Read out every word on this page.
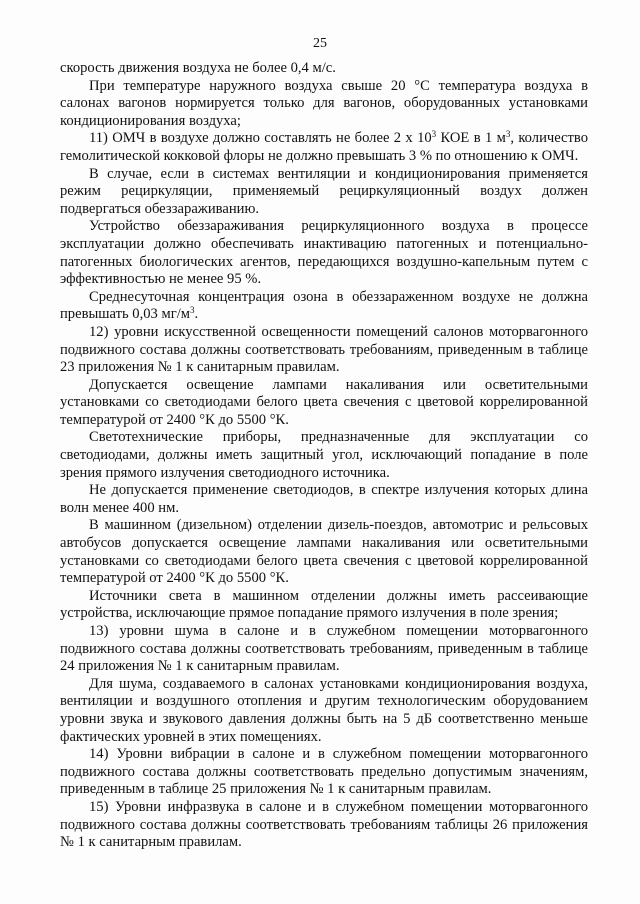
25

скорость движения воздуха не более 0,4 м/с.

При температуре наружного воздуха свыше 20 °С температура воздуха в салонах вагонов нормируется только для вагонов, оборудованных установками кондиционирования воздуха;

11) ОМЧ в воздухе должно составлять не более 2 х $10^3$ КОЕ в 1 $м^3$, количество гемолитической кокковой флоры не должно превышать 3 % по отношению к ОМЧ.

В случае, если в системах вентиляции и кондиционирования применяется режим рециркуляции, применяемый рециркуляционный воздух должен подвергаться обеззараживанию.

Устройство обеззараживания рециркуляционного воздуха в процессе эксплуатации должно обеспечивать инактивацию патогенных и потенциально-патогенных биологических агентов, передающихся воздушно-капельным путем с эффективностью не менее 95 %.

Среднесуточная концентрация озона в обеззараженном воздухе не должна превышать 0,03 $мг/м^3$.

12) уровни искусственной освещенности помещений салонов моторвагонного подвижного состава должны соответствовать требованиям, приведенным в таблице 23 приложения № 1 к санитарным правилам.

Допускается освещение лампами накаливания или осветительными установками со светодиодами белого цвета свечения с цветовой коррелированной температурой от 2400 °К до 5500 °К.

Светотехнические приборы, предназначенные для эксплуатации со светодиодами, должны иметь защитный угол, исключающий попадание в поле зрения прямого излучения светодиодного источника.

Не допускается применение светодиодов, в спектре излучения которых длина волн менее 400 нм.

В машинном (дизельном) отделении дизель-поездов, автомотрис и рельсовых автобусов допускается освещение лампами накаливания или осветительными установками со светодиодами белого цвета свечения с цветовой коррелированной температурой от 2400 °К до 5500 °К.

Источники света в машинном отделении должны иметь рассеивающие устройства, исключающие прямое попадание прямого излучения в поле зрения;

13) уровни шума в салоне и в служебном помещении моторвагонного подвижного состава должны соответствовать требованиям, приведенным в таблице 24 приложения № 1 к санитарным правилам.

Для шума, создаваемого в салонах установками кондиционирования воздуха, вентиляции и воздушного отопления и другим технологическим оборудованием уровни звука и звукового давления должны быть на 5 дБ соответственно меньше фактических уровней в этих помещениях.

14) Уровни вибрации в салоне и в служебном помещении моторвагонного подвижного состава должны соответствовать предельно допустимым значениям, приведенным в таблице 25 приложения № 1 к санитарным правилам.

15) Уровни инфразвука в салоне и в служебном помещении моторвагонного подвижного состава должны соответствовать требованиям таблицы 26 приложения № 1 к санитарным правилам.
